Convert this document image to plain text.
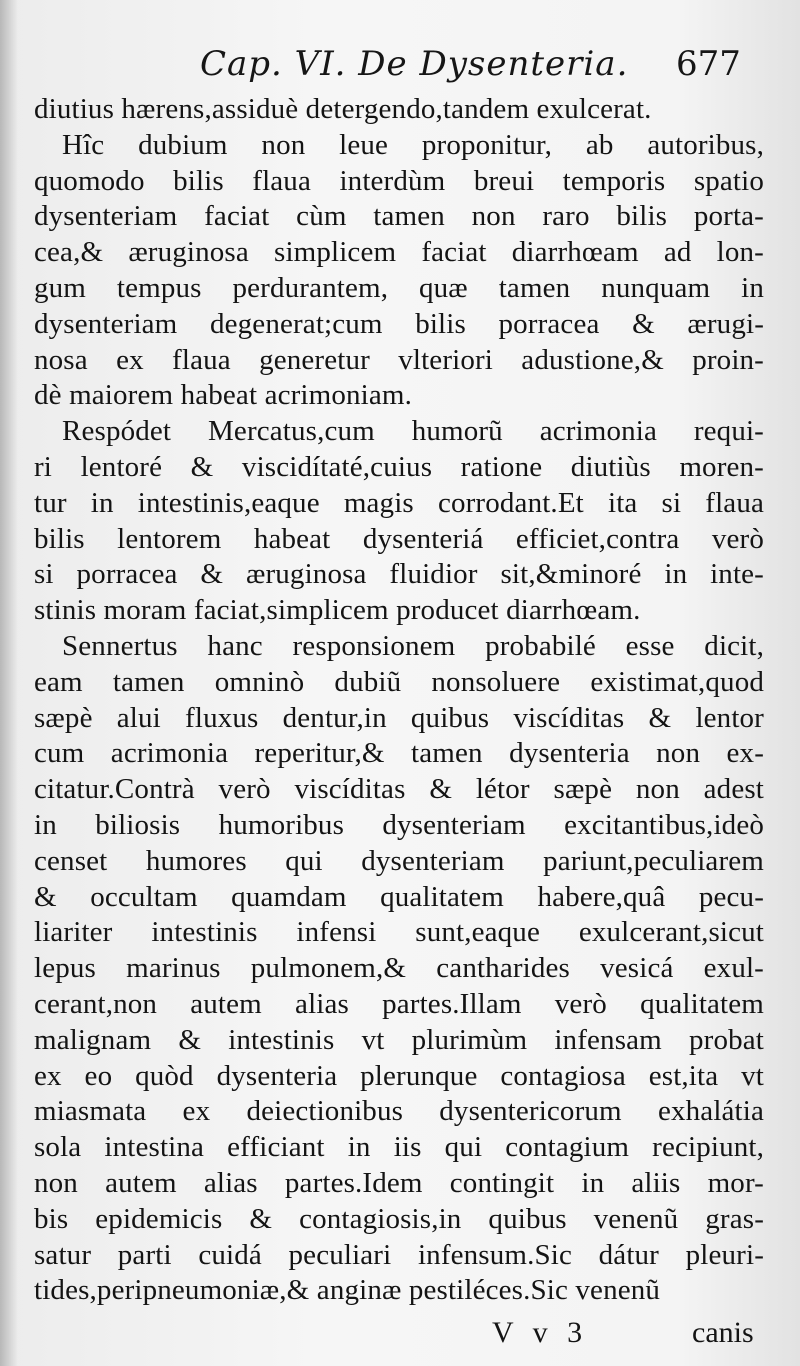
Cap. VI. De Dysenteria. 677
diutius hærens,assiduè detergendo,tandem exulcerat.
Hîc dubium non leue proponitur, ab autoribus,
quomodo bilis flaua interdùm breui temporis spatio
dysenteriam faciat cùm tamen non raro bilis porta-
cea,& æruginosa simplicem faciat diarrhœam ad lon-
gum tempus perdurantem, quæ tamen nunquam in
dysenteriam degenerat;cum bilis porracea & ærugi-
nosa ex flaua generetur vlteriori adustione,& proin-
dè maiorem habeat acrimoniam.
Respódet Mercatus,cum humorũ acrimonia requi-
ri lentoré & viscidítaté,cuius ratione diutiùs moren-
tur in intestinis,eaque magis corrodant.Et ita si flaua
bilis lentorem habeat dysenteriá efficiet,contra verò
si porracea & æruginosa fluidior sit,&minoré in inte-
stinis moram faciat,simplicem producet diarrhœam.
Sennertus hanc responsionem probabilé esse dicit,
eam tamen omninò dubiũ nonsoluere existimat,quod
sæpè alui fluxus dentur,in quibus viscíditas & lentor
cum acrimonia reperitur,& tamen dysenteria non ex-
citatur.Contrà verò viscíditas & létor sæpè non adest
in biliosis humoribus dysenteriam excitantibus,ideò
censet humores qui dysenteriam pariunt,peculiarem
& occultam quamdam qualitatem habere,quâ pecu-
liariter intestinis infensi sunt,eaque exulcerant,sicut
lepus marinus pulmonem,& cantharides vesicá exul-
cerant,non autem alias partes.Illam verò qualitatem
malignam & intestinis vt plurimùm infensam probat
ex eo quòd dysenteria plerunque contagiosa est,ita vt
miasmata ex deiectionibus dysentericorum exhalátia
sola intestina efficiant in iis qui contagium recipiunt,
non autem alias partes.Idem contingit in aliis mor-
bis epidemicis & contagiosis,in quibus venenũ gras-
satur parti cuidá peculiari infensum.Sic dátur pleuri-
tides,peripneumoniæ,& anginæ pestiléces.Sic venenũ
V v 3	canis
